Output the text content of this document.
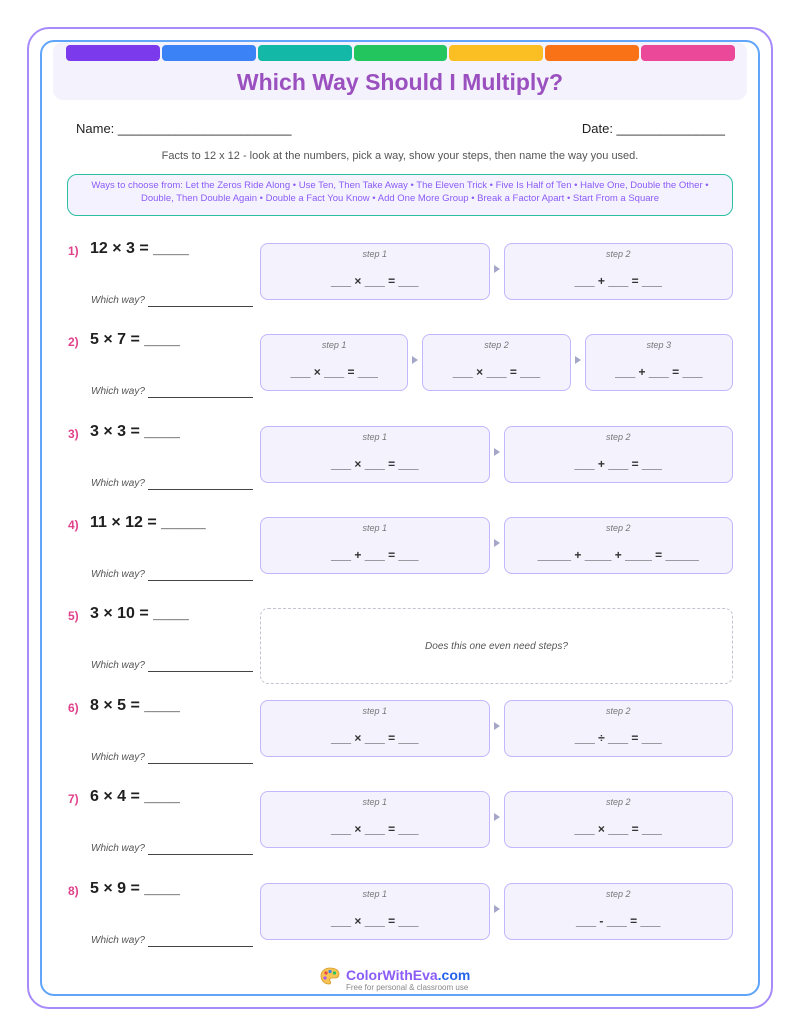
Which Way Should I Multiply?
Name: ________________________	Date: _______________
Facts to 12 x 12 - look at the numbers, pick a way, show your steps, then name the way you used.
Ways to choose from: Let the Zeros Ride Along • Use Ten, Then Take Away • The Eleven Trick • Five Is Half of Ten • Halve One, Double the Other • Double, Then Double Again • Double a Fact You Know • Add One More Group • Break a Factor Apart • Start From a Square
1) 12 × 3 = ____
Which way?
step 1
___ × ___ = ___
step 2
___ + ___ = ___
2) 5 × 7 = ____
Which way?
step 1
___ × ___ = ___
step 2
___ × ___ = ___
step 3
___ + ___ = ___
3) 3 × 3 = ____
Which way?
step 1
___ × ___ = ___
step 2
___ + ___ = ___
4) 11 × 12 = _____
Which way?
step 1
___ + ___ = ___
step 2
_____ + ____ + ____ = _____
5) 3 × 10 = ____
Which way?
Does this one even need steps?
6) 8 × 5 = ____
Which way?
step 1
___ × ___ = ___
step 2
___ ÷ ___ = ___
7) 6 × 4 = ____
Which way?
step 1
___ × ___ = ___
step 2
___ × ___ = ___
8) 5 × 9 = ____
Which way?
step 1
___ × ___ = ___
step 2
___ - ___ = ___
ColorWithEva.com
Free for personal & classroom use
